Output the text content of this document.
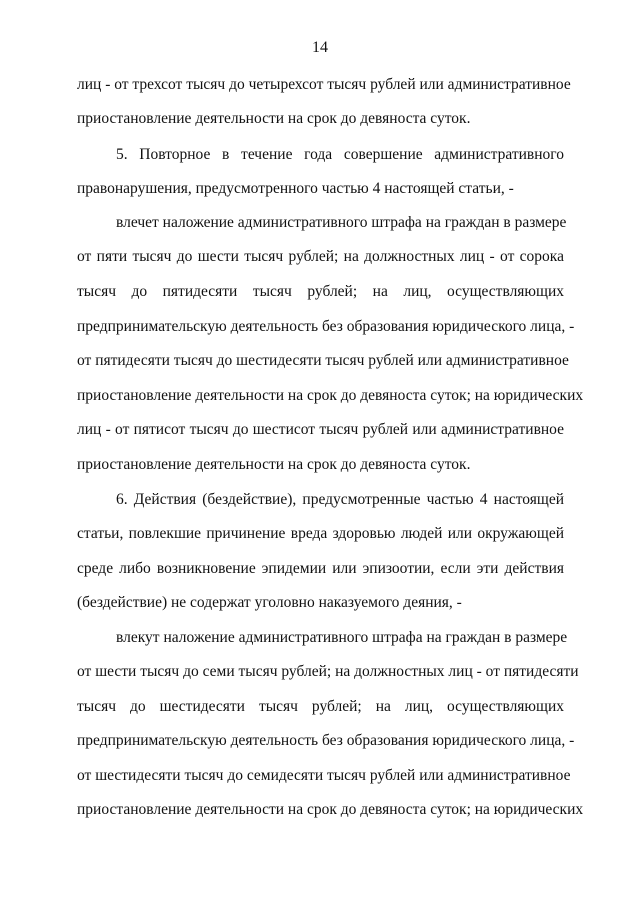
14
лиц - от трехсот тысяч до четырехсот тысяч рублей или административное
приостановление деятельности на срок до девяноста суток.
5. Повторное в течение года совершение административного
правонарушения, предусмотренного частью 4 настоящей статьи, -
влечет наложение административного штрафа на граждан в размере
от пяти тысяч до шести тысяч рублей; на должностных лиц - от сорока
тысяч до пятидесяти тысяч рублей; на лиц, осуществляющих
предпринимательскую деятельность без образования юридического лица, -
от пятидесяти тысяч до шестидесяти тысяч рублей или административное
приостановление деятельности на срок до девяноста суток; на юридических
лиц - от пятисот тысяч до шестисот тысяч рублей или административное
приостановление деятельности на срок до девяноста суток.
6. Действия (бездействие), предусмотренные частью 4 настоящей
статьи, повлекшие причинение вреда здоровью людей или окружающей
среде либо возникновение эпидемии или эпизоотии, если эти действия
(бездействие) не содержат уголовно наказуемого деяния, -
влекут наложение административного штрафа на граждан в размере
от шести тысяч до семи тысяч рублей; на должностных лиц - от пятидесяти
тысяч до шестидесяти тысяч рублей; на лиц, осуществляющих
предпринимательскую деятельность без образования юридического лица, -
от шестидесяти тысяч до семидесяти тысяч рублей или административное
приостановление деятельности на срок до девяноста суток; на юридических
